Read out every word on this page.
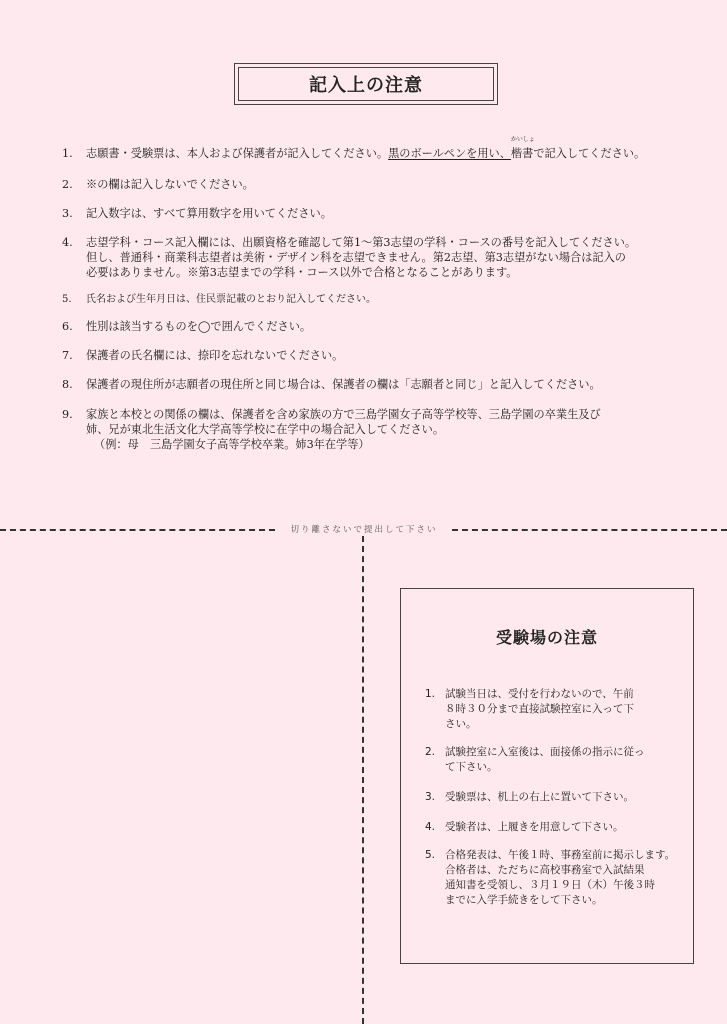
記入上の注意
1. 志願書・受験票は、本人および保護者が記入してください。黒のボールペンを用い、
かいしょ
楷書で記入してください。
2. ※の欄は記入しないでください。
3. 記入数字は、すべて算用数字を用いてください。
4. 志望学科・コース記入欄には、出願資格を確認して第1～第3志望の学科・コースの番号を記入してください。
但し、普通科・商業科志望者は美術・デザイン科を志望できません。第2志望、第3志望がない場合は記入の
必要はありません。※第3志望までの学科・コース以外で合格となることがあります。
5. 氏名および生年月日は、住民票記載のとおり記入してください。
6. 性別は該当するものを◯で囲んでください。
7. 保護者の氏名欄には、捺印を忘れないでください。
8. 保護者の現住所が志願者の現住所と同じ場合は、保護者の欄は「志願者と同じ」と記入してください。
9. 家族と本校との関係の欄は、保護者を含め家族の方で三島学園女子高等学校等、三島学園の卒業生及び
姉、兄が東北生活文化大学高等学校に在学中の場合記入してください。
（例：母　三島学園女子高等学校卒業。姉3年在学等）
切り離さないで提出して下さい
受験場の注意
1. 試験当日は、受付を行わないので、午前
８時３０分まで直接試験控室に入って下
さい。
2. 試験控室に入室後は、面接係の指示に従っ
て下さい。
3. 受験票は、机上の右上に置いて下さい。
4. 受験者は、上履きを用意して下さい。
5. 合格発表は、午後１時、事務室前に掲示します。
合格者は、ただちに高校事務室で入試結果
通知書を受領し、３月１９日（木）午後３時
までに入学手続きをして下さい。
